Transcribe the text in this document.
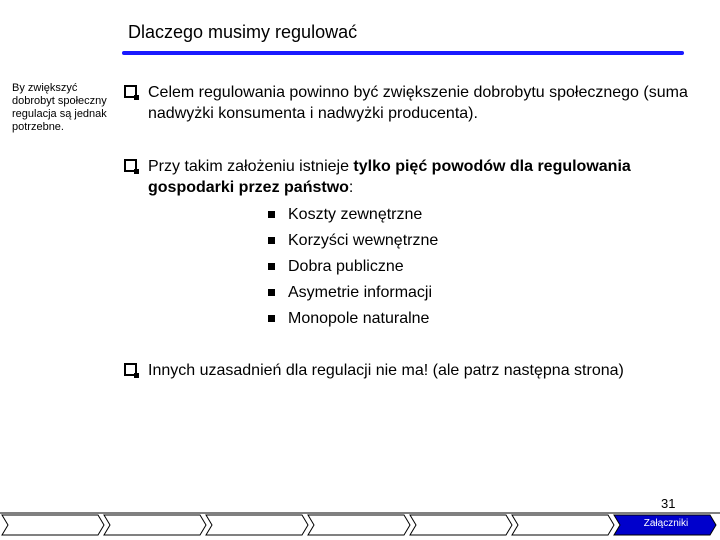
Dlaczego musimy regulować
By zwiększyć dobrobyt społeczny regulacja są jednak potrzebne.
Celem regulowania powinno być zwiększenie dobrobytu społecznego (suma nadwyżki konsumenta i nadwyżki producenta).
Przy takim założeniu istnieje tylko pięć powodów dla regulowania gospodarki przez państwo:
Koszty zewnętrzne
Korzyści wewnętrzne
Dobra publiczne
Asymetrie informacji
Monopole naturalne
Innych uzasadnień dla regulacji nie ma! (ale patrz następna strona)
31
Załączniki
